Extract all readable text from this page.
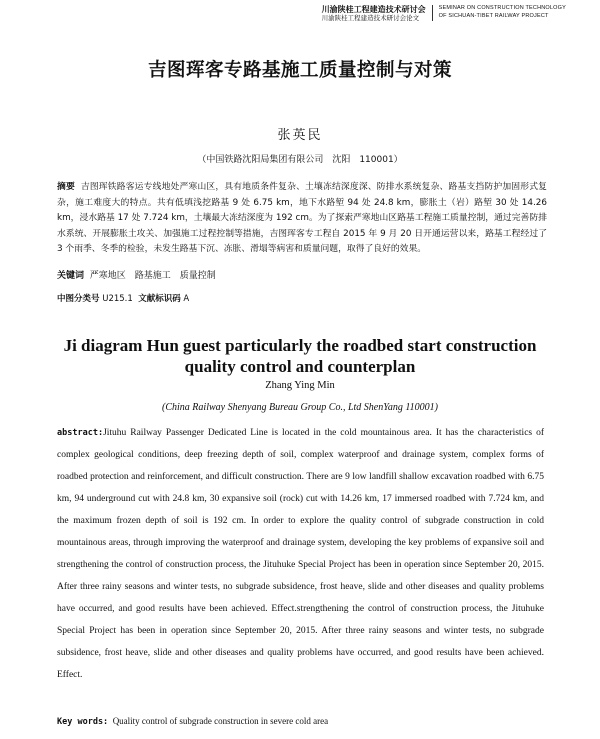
川渝陕桂工程建造技术研讨会
川渝陕桂工程建造技术研讨会论文
SEMINAR ON CONSTRUCTION TECHNOLOGY
OF SICHUAN-TIBET RAILWAY PROJECT
吉图珲客专路基施工质量控制与对策
张英民
（中国铁路沈阳局集团有限公司　沈阳　110001）
摘要 吉图珲铁路客运专线地处严寒山区，具有地质条件复杂、土壤冻结深度深、防排水系统复杂、路基支挡防护加固形式复杂，施工难度大的特点。共有低填浅挖路基 9 处 6.75 km，地下水路堑 94 处 24.8 km，膨胀土（岩）路堑 30 处 14.26 km，浸水路基 17 处 7.724 km，土壤最大冻结深度为 192 cm。为了探索严寒地山区路基工程施工质量控制，通过完善防排水系统、开展膨胀土攻关、加强施工过程控制等措施，吉图珲客专工程自 2015 年 9 月 20 日开通运营以来，路基工程经过了 3 个雨季、冬季的检验，未发生路基下沉、冻胀、滑塌等病害和质量问题，取得了良好的效果。
关键词 严寒地区　路基施工　质量控制
中图分类号 U215.1 文献标识码 A
Ji diagram Hun guest particularly the roadbed start construction quality control and counterplan
Zhang Ying Min
(China Railway Shenyang Bureau Group Co., Ltd ShenYang 110001)
abstract:Jituhu Railway Passenger Dedicated Line is located in the cold mountainous area. It has the characteristics of complex geological conditions, deep freezing depth of soil, complex waterproof and drainage system, complex forms of roadbed protection and reinforcement, and difficult construction. There are 9 low landfill shallow excavation roadbed with 6.75 km, 94 underground cut with 24.8 km, 30 expansive soil (rock) cut with 14.26 km, 17 immersed roadbed with 7.724 km, and the maximum frozen depth of soil is 192 cm. In order to explore the quality control of subgrade construction in cold mountainous areas, through improving the waterproof and drainage system, developing the key problems of expansive soil and strengthening the control of construction process, the Jituhuke Special Project has been in operation since September 20, 2015. After three rainy seasons and winter tests, no subgrade subsidence, frost heave, slide and other diseases and quality problems have occurred, and good results have been achieved. Effect.strengthening the control of construction process, the Jituhuke Special Project has been in operation since September 20, 2015. After three rainy seasons and winter tests, no subgrade subsidence, frost heave, slide and other diseases and quality problems have occurred, and good results have been achieved. Effect.
Key words: Quality control of subgrade construction in severe cold area
